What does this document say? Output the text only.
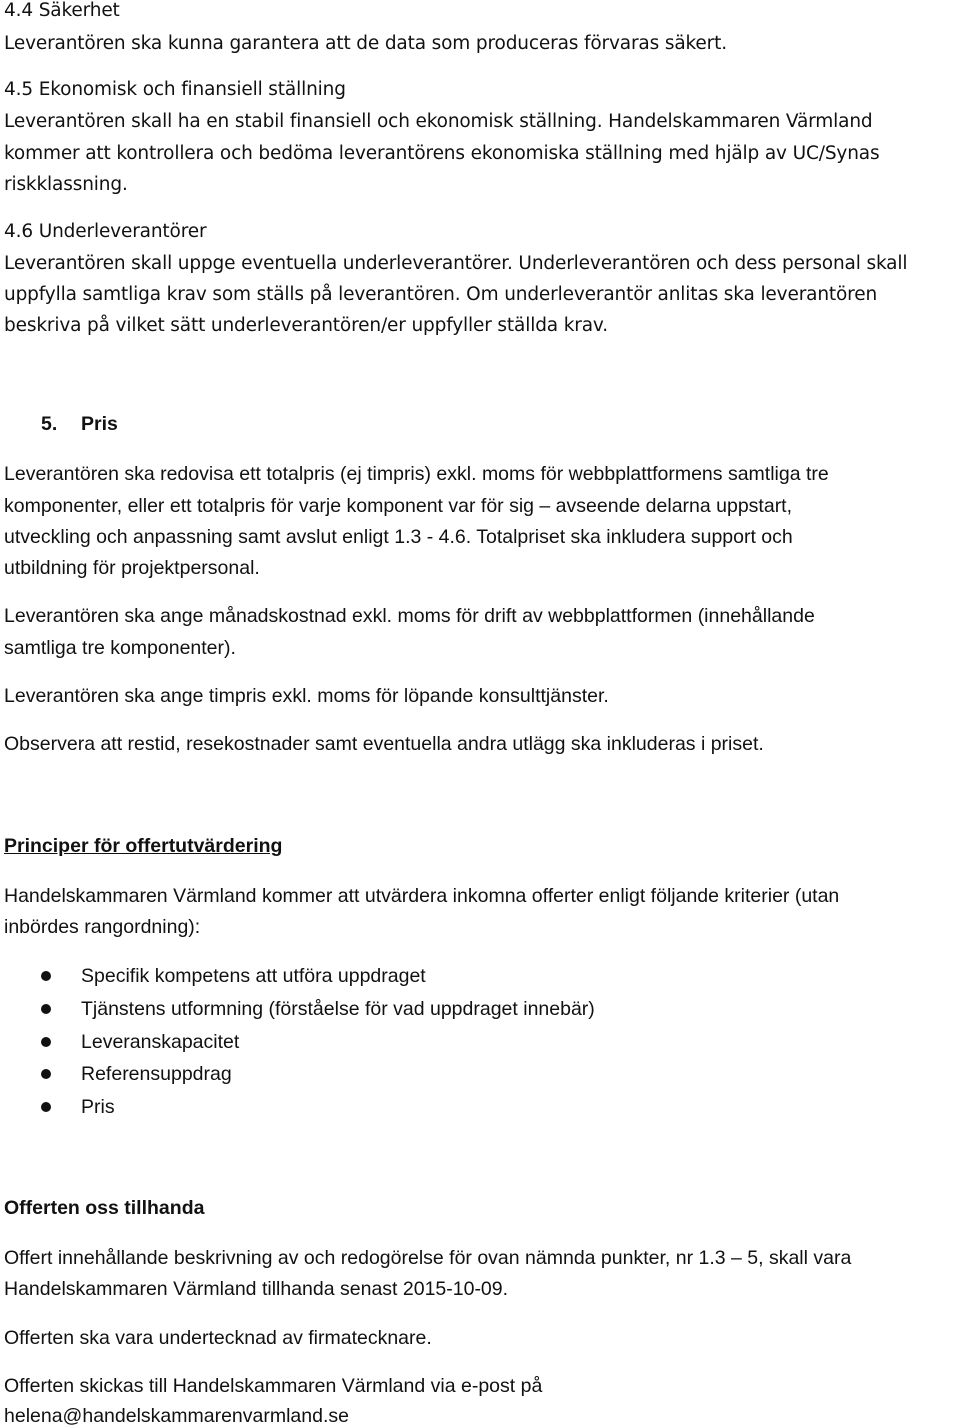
4.4 Säkerhet
Leverantören ska kunna garantera att de data som produceras förvaras säkert.
4.5 Ekonomisk och finansiell ställning
Leverantören skall ha en stabil finansiell och ekonomisk ställning. Handelskammaren Värmland
kommer att kontrollera och bedöma leverantörens ekonomiska ställning med hjälp av UC/Synas
riskklassning.
4.6 Underleverantörer
Leverantören skall uppge eventuella underleverantörer. Underleverantören och dess personal skall
uppfylla samtliga krav som ställs på leverantören. Om underleverantör anlitas ska leverantören
beskriva på vilket sätt underleverantören/er uppfyller ställda krav.
5. Pris
Leverantören ska redovisa ett totalpris (ej timpris) exkl. moms för webbplattformens samtliga tre
komponenter, eller ett totalpris för varje komponent var för sig – avseende delarna uppstart,
utveckling och anpassning samt avslut enligt 1.3 - 4.6. Totalpriset ska inkludera support och
utbildning för projektpersonal.
Leverantören ska ange månadskostnad exkl. moms för drift av webbplattformen (innehållande
samtliga tre komponenter).
Leverantören ska ange timpris exkl. moms för löpande konsulttjänster.
Observera att restid, resekostnader samt eventuella andra utlägg ska inkluderas i priset.
Principer för offertutvärdering
Handelskammaren Värmland kommer att utvärdera inkomna offerter enligt följande kriterier (utan
inbördes rangordning):
Specifik kompetens att utföra uppdraget
Tjänstens utformning (förståelse för vad uppdraget innebär)
Leveranskapacitet
Referensuppdrag
Pris
Offerten oss tillhanda
Offert innehållande beskrivning av och redogörelse för ovan nämnda punkter, nr 1.3 – 5, skall vara
Handelskammaren Värmland tillhanda senast 2015-10-09.
Offerten ska vara undertecknad av firmatecknare.
Offerten skickas till Handelskammaren Värmland via e-post på
helena@handelskammarenvarmland.se
